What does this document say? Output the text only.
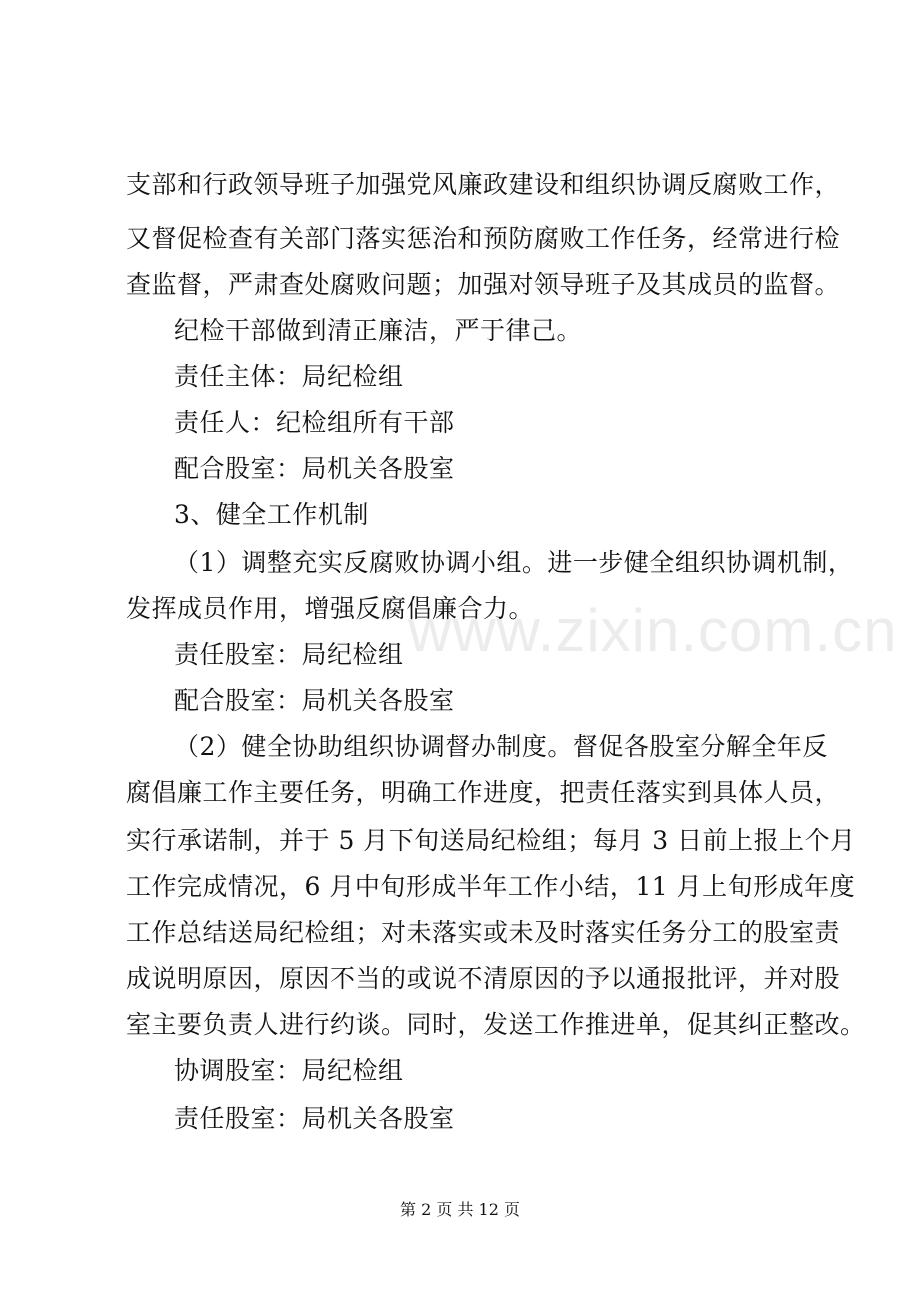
www.zixin.com.cn
支部和行政领导班子加强党风廉政建设和组织协调反腐败工作，
又督促检查有关部门落实惩治和预防腐败工作任务，经常进行检
查监督，严肃查处腐败问题；加强对领导班子及其成员的监督。
纪检干部做到清正廉洁，严于律己。
责任主体：局纪检组
责任人：纪检组所有干部
配合股室：局机关各股室
3、健全工作机制
（1）调整充实反腐败协调小组。进一步健全组织协调机制，
发挥成员作用，增强反腐倡廉合力。
责任股室：局纪检组
配合股室：局机关各股室
（2）健全协助组织协调督办制度。督促各股室分解全年反
腐倡廉工作主要任务，明确工作进度，把责任落实到具体人员，
实行承诺制，并于 5 月下旬送局纪检组；每月 3 日前上报上个月
工作完成情况，6 月中旬形成半年工作小结，11 月上旬形成年度
工作总结送局纪检组；对未落实或未及时落实任务分工的股室责
成说明原因，原因不当的或说不清原因的予以通报批评，并对股
室主要负责人进行约谈。同时，发送工作推进单，促其纠正整改。
协调股室：局纪检组
责任股室：局机关各股室
第 2 页 共 12 页
